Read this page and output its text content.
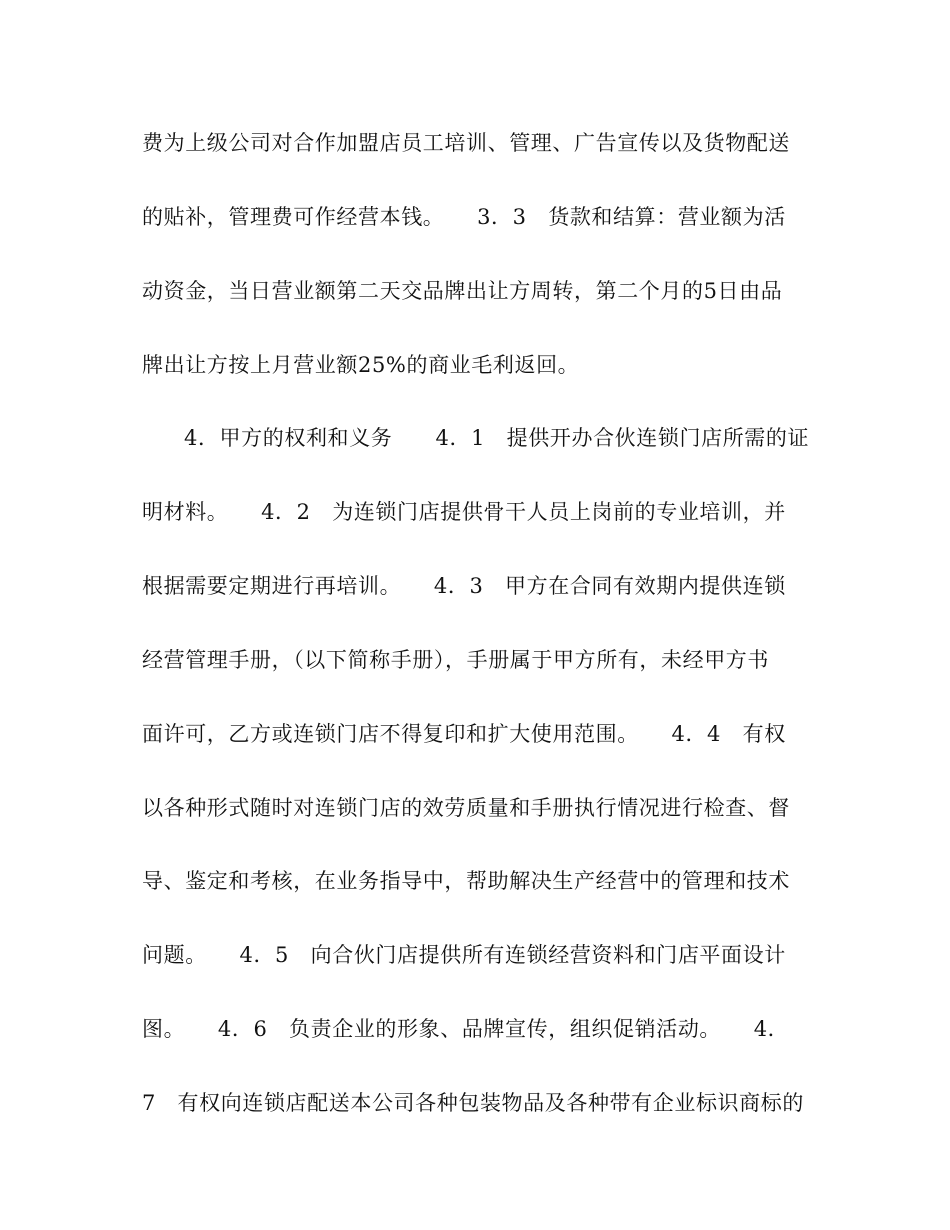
费为上级公司对合作加盟店员工培训、管理、广告宣传以及货物配送
的贴补，管理费可作经营本钱。　　3．3　货款和结算：营业额为活
动资金，当日营业额第二天交品牌出让方周转，第二个月的5日由品
牌出让方按上月营业额25%的商业毛利返回。
4．甲方的权利和义务　　4．1　提供开办合伙连锁门店所需的证
明材料。　　4．2　为连锁门店提供骨干人员上岗前的专业培训，并
根据需要定期进行再培训。　　4．3　甲方在合同有效期内提供连锁
经营管理手册，（以下简称手册），手册属于甲方所有，未经甲方书
面许可，乙方或连锁门店不得复印和扩大使用范围。　　4．4　有权
以各种形式随时对连锁门店的效劳质量和手册执行情况进行检查、督
导、鉴定和考核，在业务指导中，帮助解决生产经营中的管理和技术
问题。　　4．5　向合伙门店提供所有连锁经营资料和门店平面设计
图。　　4．6　负责企业的形象、品牌宣传，组织促销活动。　　4．
7　有权向连锁店配送本公司各种包装物品及各种带有企业标识商标的
